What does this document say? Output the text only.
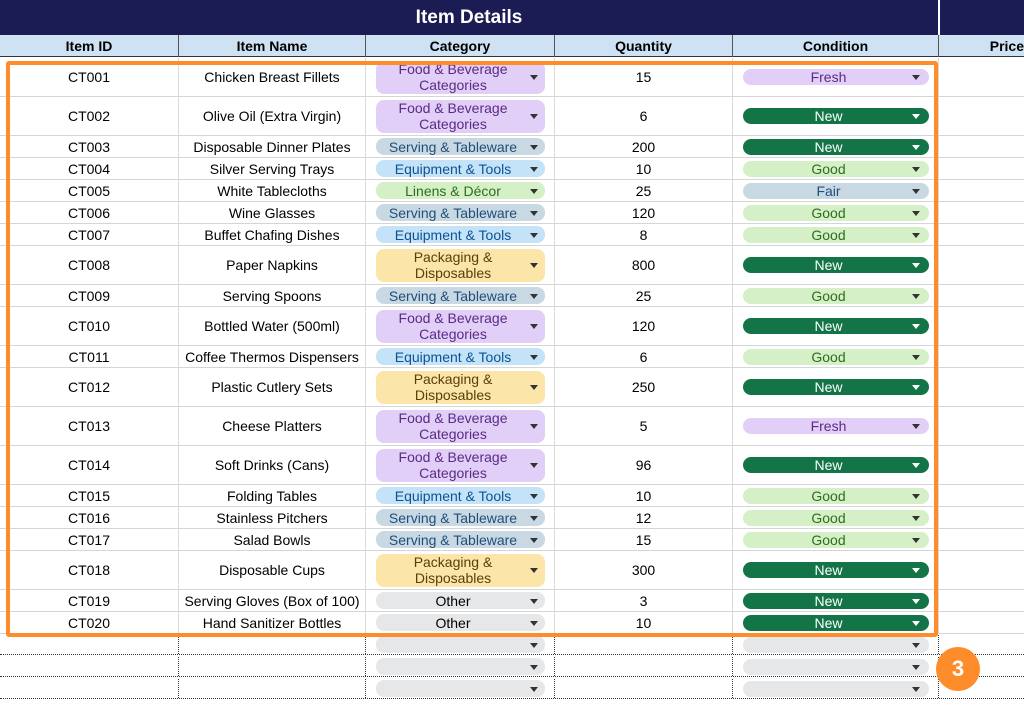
Item Details
Item ID	Item Name	Category	Quantity	Condition	Price
CT001	Chicken Breast Fillets	Food & Beverage Categories	15	Fresh
CT002	Olive Oil (Extra Virgin)	Food & Beverage Categories	6	New
CT003	Disposable Dinner Plates	Serving & Tableware	200	New
CT004	Silver Serving Trays	Equipment & Tools	10	Good
CT005	White Tablecloths	Linens & Décor	25	Fair
CT006	Wine Glasses	Serving & Tableware	120	Good
CT007	Buffet Chafing Dishes	Equipment & Tools	8	Good
CT008	Paper Napkins	Packaging & Disposables	800	New
CT009	Serving Spoons	Serving & Tableware	25	Good
CT010	Bottled Water (500ml)	Food & Beverage Categories	120	New
CT011	Coffee Thermos Dispensers	Equipment & Tools	6	Good
CT012	Plastic Cutlery Sets	Packaging & Disposables	250	New
CT013	Cheese Platters	Food & Beverage Categories	5	Fresh
CT014	Soft Drinks (Cans)	Food & Beverage Categories	96	New
CT015	Folding Tables	Equipment & Tools	10	Good
CT016	Stainless Pitchers	Serving & Tableware	12	Good
CT017	Salad Bowls	Serving & Tableware	15	Good
CT018	Disposable Cups	Packaging & Disposables	300	New
CT019	Serving Gloves (Box of 100)	Other	3	New
CT020	Hand Sanitizer Bottles	Other	10	New
3
